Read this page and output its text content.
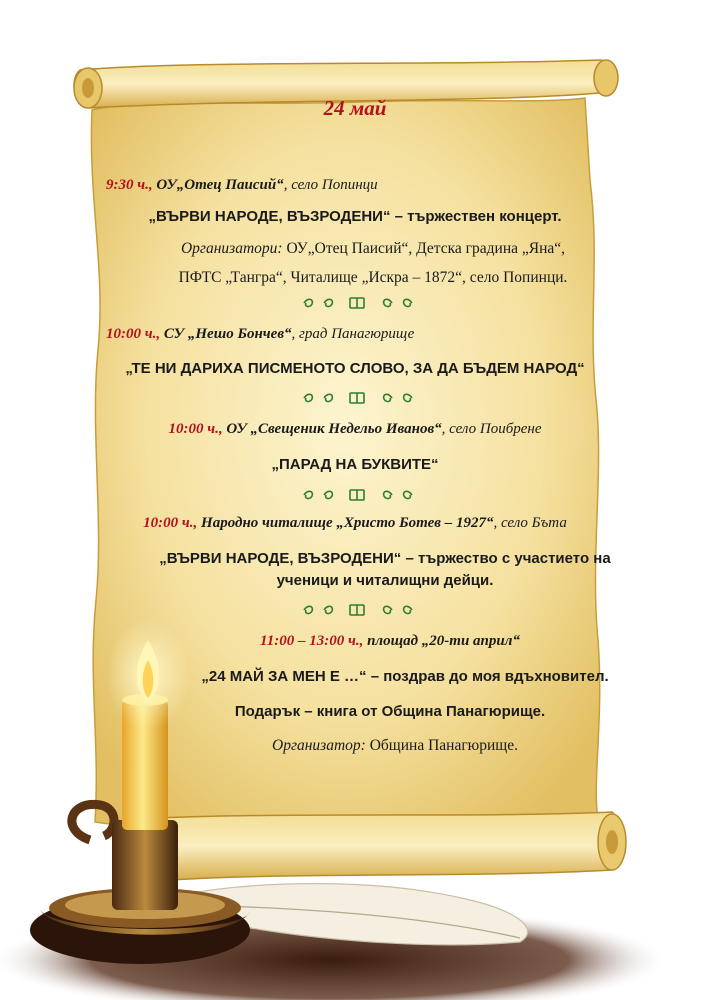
24 май
9:30 ч., ОУ„Отец Паисий“, село Попинци
„ВЪРВИ НАРОДЕ, ВЪЗРОДЕНИ“ – тържествен концерт.
Организатори: ОУ„Отец Паисий“, Детска градина „Яна“,
ПФТС „Тангра“, Читалище „Искра – 1872“, село Попинци.
10:00 ч., СУ „Нешо Бончев“, град Панагюрище
„ТЕ НИ ДАРИХА ПИСМЕНОТО СЛОВО, ЗА ДА БЪДЕМ НАРОД“
10:00 ч., ОУ „Свещеник Недельо Иванов“, село Поибрене
„ПАРАД НА БУКВИТЕ“
10:00 ч., Народно читалище „Христо Ботев – 1927“, село Бъта
„ВЪРВИ НАРОДЕ, ВЪЗРОДЕНИ“ – тържество с участието на
ученици и читалищни дейци.
11:00 – 13:00 ч., площад „20-ти април“
„24 МАЙ ЗА МЕН Е …“ – поздрав до моя вдъхновител.
Подарък – книга от Община Панагюрище.
Организатор: Община Панагюрище.
